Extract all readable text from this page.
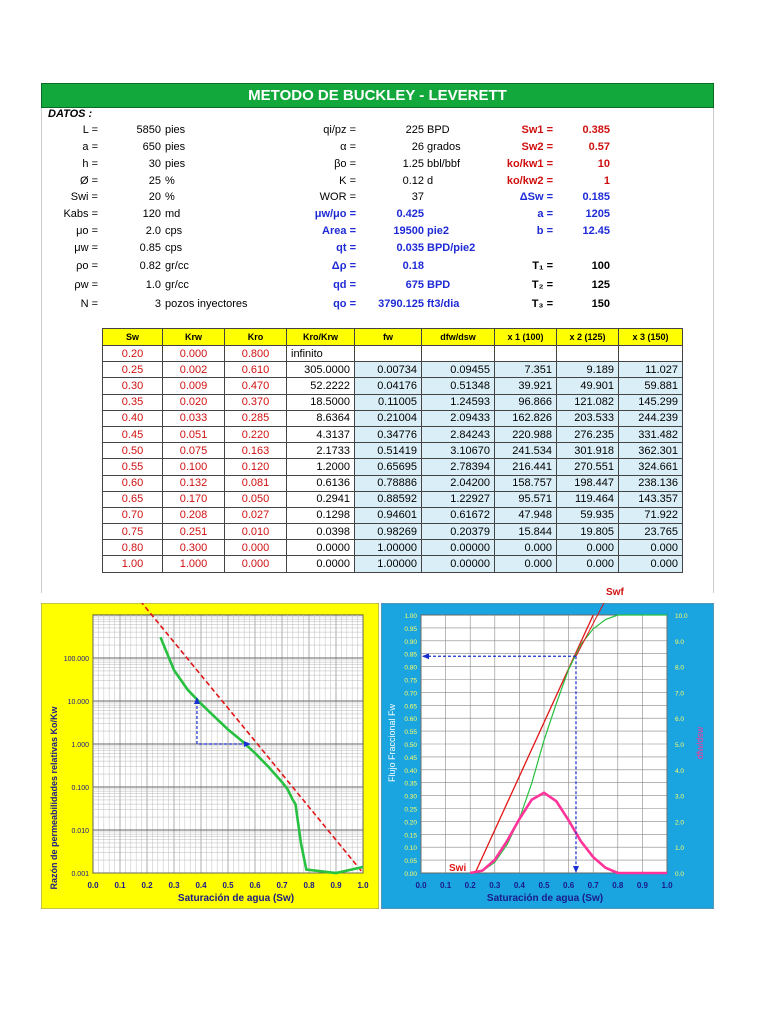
METODO DE BUCKLEY - LEVERETT
DATOS :
L =	5850 pies
a =	650 pies
h =	30 pies
Ø =	25 %
Swi =	20 %
Kabs =	120 md
μo =	2.0 cps
μw =	0.85 cps
ρo =	0.82 gr/cc
ρw =	1.0 gr/cc
N =	3 pozos inyectores
qi/pz =	225 BPD
α =	26 grados
βo =	1.25 bbl/bbf
K =	0.12 d
WOR =	37
μw/μo =	0.425
Area =	19500 pie2
qt =	0.035 BPD/pie2
Δρ =	0.18
qd =	675 BPD
qo =	3790.125 ft3/dia
Sw1 =	0.385
Sw2 =	0.57
ko/kw1 =	10
ko/kw2 =	1
ΔSw =	0.185
a =	1205
b =	12.45
T₁ =	100
T₂ =	125
T₃ =	150
Sw	Krw	Kro	Kro/Krw	fw	dfw/dsw	x 1 (100)	x 2 (125)	x 3 (150)
0.20	0.000	0.800	infinito					
0.25	0.002	0.610	305.0000	0.00734	0.09455	7.351	9.189	11.027
0.30	0.009	0.470	52.2222	0.04176	0.51348	39.921	49.901	59.881
0.35	0.020	0.370	18.5000	0.11005	1.24593	96.866	121.082	145.299
0.40	0.033	0.285	8.6364	0.21004	2.09433	162.826	203.533	244.239
0.45	0.051	0.220	4.3137	0.34776	2.84243	220.988	276.235	331.482
0.50	0.075	0.163	2.1733	0.51419	3.10670	241.534	301.918	362.301
0.55	0.100	0.120	1.2000	0.65695	2.78394	216.441	270.551	324.661
0.60	0.132	0.081	0.6136	0.78886	2.04200	158.757	198.447	238.136
0.65	0.170	0.050	0.2941	0.88592	1.22927	95.571	119.464	143.357
0.70	0.208	0.027	0.1298	0.94601	0.61672	47.948	59.935	71.922
0.75	0.251	0.010	0.0398	0.98269	0.20379	15.844	19.805	23.765
0.80	0.300	0.000	0.0000	1.00000	0.00000	0.000	0.000	0.000
1.00	1.000	0.000	0.0000	1.00000	0.00000	0.000	0.000	0.000
0.0 0.1 0.2 0.3 0.4 0.5 0.6 0.7 0.8 0.9 1.0
0.001
0.010
0.100
1.000
10.000
100.000
Saturación de agua (Sw)
Razón de permeabilidades relativas Ko/Kw	0.0 0.1 0.2 0.3 0.4 0.5 0.6 0.7 0.8 0.9 1.0
0.00
0.05
0.10
0.15
0.20
0.25
0.30
0.35
0.40
0.45
0.50
0.55
0.60
0.65
0.70
0.75
0.80
0.85
0.90
0.95
1.00
0.0
1.0
2.0
3.0
4.0
5.0
6.0
7.0
8.0
9.0
10.0
Swi
Saturación de agua (Sw)
Flujo Fraccional Fw	dfw/dsw
Swf
